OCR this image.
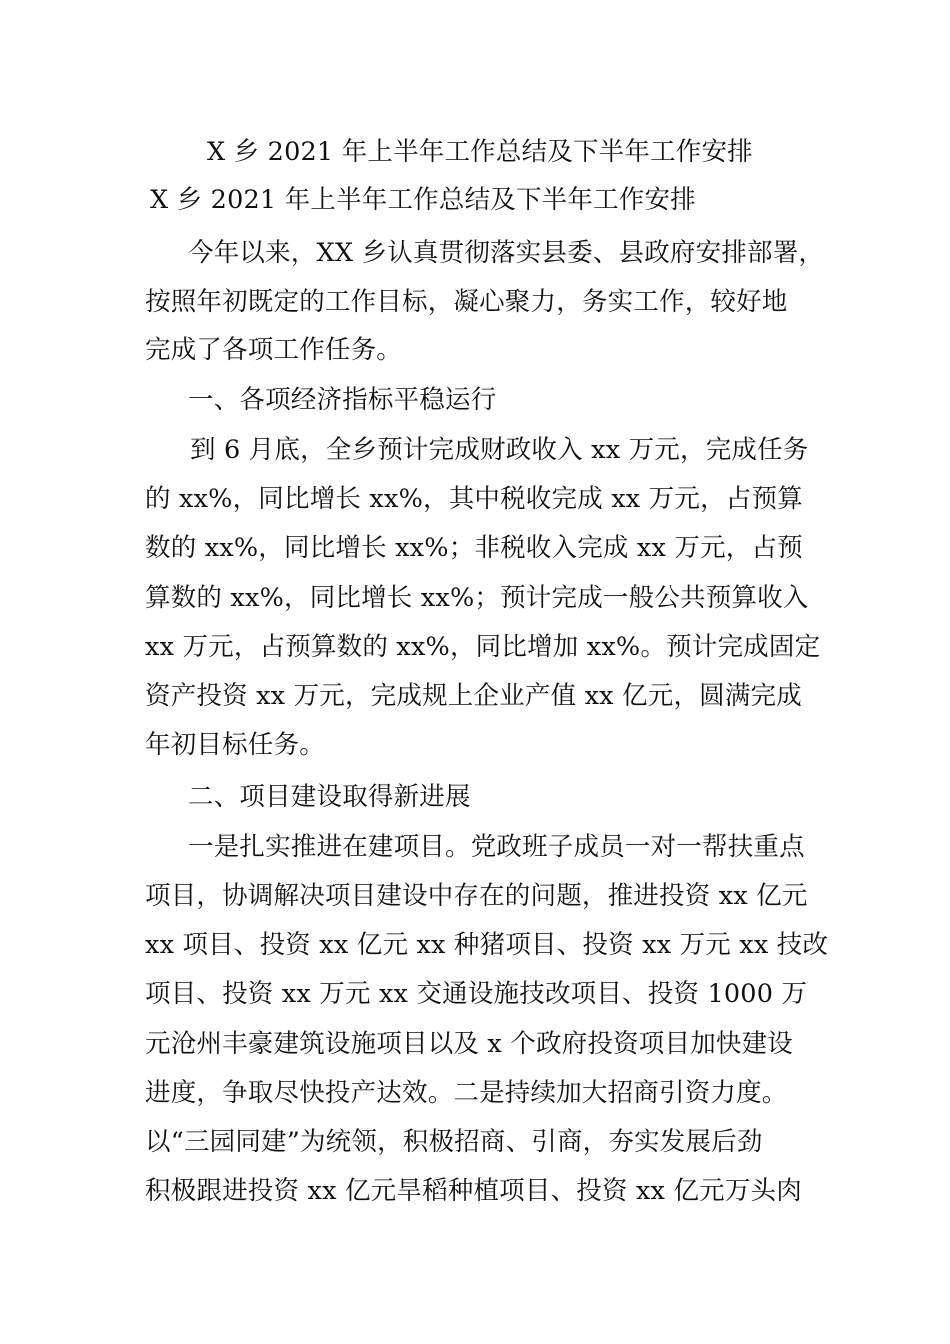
X 乡 2021 年上半年工作总结及下半年工作安排
X 乡 2021 年上半年工作总结及下半年工作安排
今年以来，XX 乡认真贯彻落实县委、县政府安排部署，
按照年初既定的工作目标，凝心聚力，务实工作，较好地
完成了各项工作任务。
一、各项经济指标平稳运行
到 6 月底，全乡预计完成财政收入 xx 万元，完成任务
的 xx%，同比增长 xx%，其中税收完成 xx 万元，占预算
数的 xx%，同比增长 xx%；非税收入完成 xx 万元，占预
算数的 xx%，同比增长 xx%；预计完成一般公共预算收入
xx 万元，占预算数的 xx%，同比增加 xx%。预计完成固定
资产投资 xx 万元，完成规上企业产值 xx 亿元，圆满完成
年初目标任务。
二、项目建设取得新进展
一是扎实推进在建项目。党政班子成员一对一帮扶重点
项目，协调解决项目建设中存在的问题，推进投资 xx 亿元
xx 项目、投资 xx 亿元 xx 种猪项目、投资 xx 万元 xx 技改
项目、投资 xx 万元 xx 交通设施技改项目、投资 1000 万
元沧州丰豪建筑设施项目以及 x 个政府投资项目加快建设
进度，争取尽快投产达效。二是持续加大招商引资力度。
以“三园同建”为统领，积极招商、引商，夯实发展后劲
积极跟进投资 xx 亿元旱稻种植项目、投资 xx 亿元万头肉
